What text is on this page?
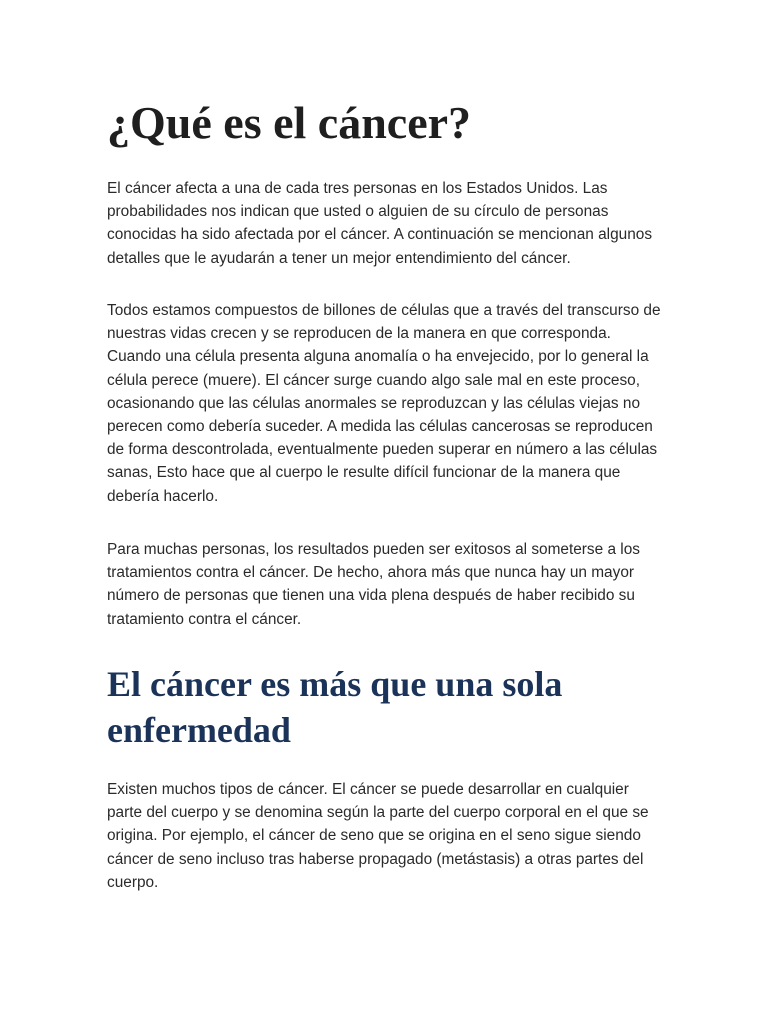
¿Qué es el cáncer?

El cáncer afecta a una de cada tres personas en los Estados Unidos. Las probabilidades nos indican que usted o alguien de su círculo de personas conocidas ha sido afectada por el cáncer. A continuación se mencionan algunos detalles que le ayudarán a tener un mejor entendimiento del cáncer.

Todos estamos compuestos de billones de células que a través del transcurso de nuestras vidas crecen y se reproducen de la manera en que corresponda. Cuando una célula presenta alguna anomalía o ha envejecido, por lo general la célula perece (muere). El cáncer surge cuando algo sale mal en este proceso, ocasionando que las células anormales se reproduzcan y las células viejas no perecen como debería suceder. A medida las células cancerosas se reproducen de forma descontrolada, eventualmente pueden superar en número a las células sanas, Esto hace que al cuerpo le resulte difícil funcionar de la manera que debería hacerlo.

Para muchas personas, los resultados pueden ser exitosos al someterse a los tratamientos contra el cáncer. De hecho, ahora más que nunca hay un mayor número de personas que tienen una vida plena después de haber recibido su tratamiento contra el cáncer.

El cáncer es más que una sola enfermedad

Existen muchos tipos de cáncer. El cáncer se puede desarrollar en cualquier parte del cuerpo y se denomina según la parte del cuerpo corporal en el que se origina. Por ejemplo, el cáncer de seno que se origina en el seno sigue siendo cáncer de seno incluso tras haberse propagado (metástasis) a otras partes del cuerpo.
